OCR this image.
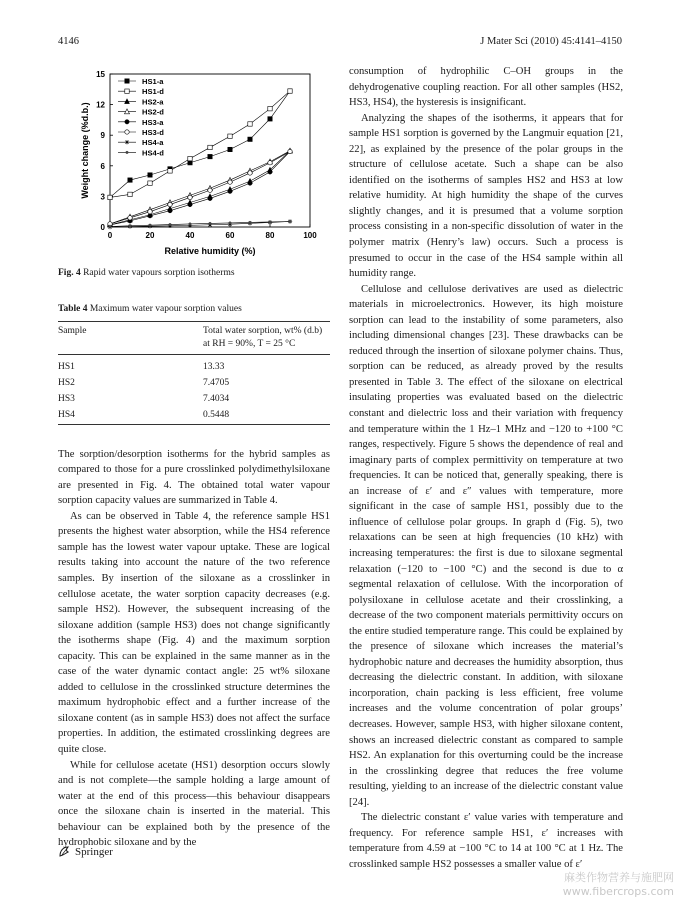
4146	J Mater Sci (2010) 45:4141–4150
0	20	40	60	80	100
0
3
6
9
12
15
Relative humidity (%)
Weight change (%d.b.)
HS1-a
HS1-d
HS2-a
HS2-d
HS3-a
HS3-d
HS4-a
HS4-d
Fig. 4 Rapid water vapours sorption isotherms
Table 4 Maximum water vapour sorption values
Sample	Total water sorption, wt% (d.b)
at RH = 90%, T = 25 °C

HS1	13.33
HS2	7.4705
HS3	7.4034
HS4	0.5448

The sorption/desorption isotherms for the hybrid samples as compared to those for a pure crosslinked polydimethylsiloxane are presented in Fig. 4. The obtained total water vapour sorption capacity values are summarized in Table 4.

As can be observed in Table 4, the reference sample HS1 presents the highest water absorption, while the HS4 reference sample has the lowest water vapour uptake. These are logical results taking into account the nature of the two reference samples. By insertion of the siloxane as a crosslinker in cellulose acetate, the water sorption capacity decreases (e.g. sample HS2). However, the subsequent increasing of the siloxane addition (sample HS3) does not change significantly the isotherms shape (Fig. 4) and the maximum sorption capacity. This can be explained in the same manner as in the case of the water dynamic contact angle: 25 wt% siloxane added to cellulose in the crosslinked structure determines the maximum hydrophobic effect and a further increase of the siloxane content (as in sample HS3) does not affect the surface properties. In addition, the estimated crosslinking degrees are quite close.

While for cellulose acetate (HS1) desorption occurs slowly and is not complete—the sample holding a large amount of water at the end of this process—this behaviour disappears once the siloxane chain is inserted in the material. This behaviour can be explained both by the presence of the hydrophobic siloxane and by the

consumption of hydrophilic C–OH groups in the dehydrogenative coupling reaction. For all other samples (HS2, HS3, HS4), the hysteresis is insignificant.

Analyzing the shapes of the isotherms, it appears that for sample HS1 sorption is governed by the Langmuir equation [21, 22], as explained by the presence of the polar groups in the structure of cellulose acetate. Such a shape can be also identified on the isotherms of samples HS2 and HS3 at low relative humidity. At high humidity the shape of the curves slightly changes, and it is presumed that a volume sorption process consisting in a non-specific dissolution of water in the polymer matrix (Henry’s law) occurs. Such a process is presumed to occur in the case of the HS4 sample within all humidity range.

Cellulose and cellulose derivatives are used as dielectric materials in microelectronics. However, its high moisture sorption can lead to the instability of some parameters, also including dimensional changes [23]. These drawbacks can be reduced through the insertion of siloxane polymer chains. Thus, sorption can be reduced, as already proved by the results presented in Table 3. The effect of the siloxane on electrical insulating properties was evaluated based on the dielectric constant and dielectric loss and their variation with frequency and temperature within the 1 Hz–1 MHz and −120 to +100 °C ranges, respectively. Figure 5 shows the dependence of real and imaginary parts of complex permittivity on temperature at two frequencies. It can be noticed that, generally speaking, there is an increase of ε′ and ε″ values with temperature, more significant in the case of sample HS1, possibly due to the influence of cellulose polar groups. In graph d (Fig. 5), two relaxations can be seen at high frequencies (10 kHz) with increasing temperatures: the first is due to siloxane segmental relaxation (−120 to −100 °C) and the second is due to α segmental relaxation of cellulose. With the incorporation of polysiloxane in cellulose acetate and their crosslinking, a decrease of the two component materials permittivity occurs on the entire studied temperature range. This could be explained by the presence of siloxane which increases the material’s hydrophobic nature and decreases the humidity absorption, thus decreasing the dielectric constant. In addition, with siloxane incorporation, chain packing is less efficient, free volume increases and the volume concentration of polar groups’ decreases. However, sample HS3, with higher siloxane content, shows an increased dielectric constant as compared to sample HS2. An explanation for this overturning could be the increase in the crosslinking degree that reduces the free volume resulting, yielding to an increase of the dielectric constant value [24].

The dielectric constant ε′ value varies with temperature and frequency. For reference sample HS1, ε′ increases with temperature from 4.59 at −100 °C to 14 at 100 °C at 1 Hz. The crosslinked sample HS2 possesses a smaller value of ε′

Springer
麻类作物营养与施肥网
www.fibercrops.com
